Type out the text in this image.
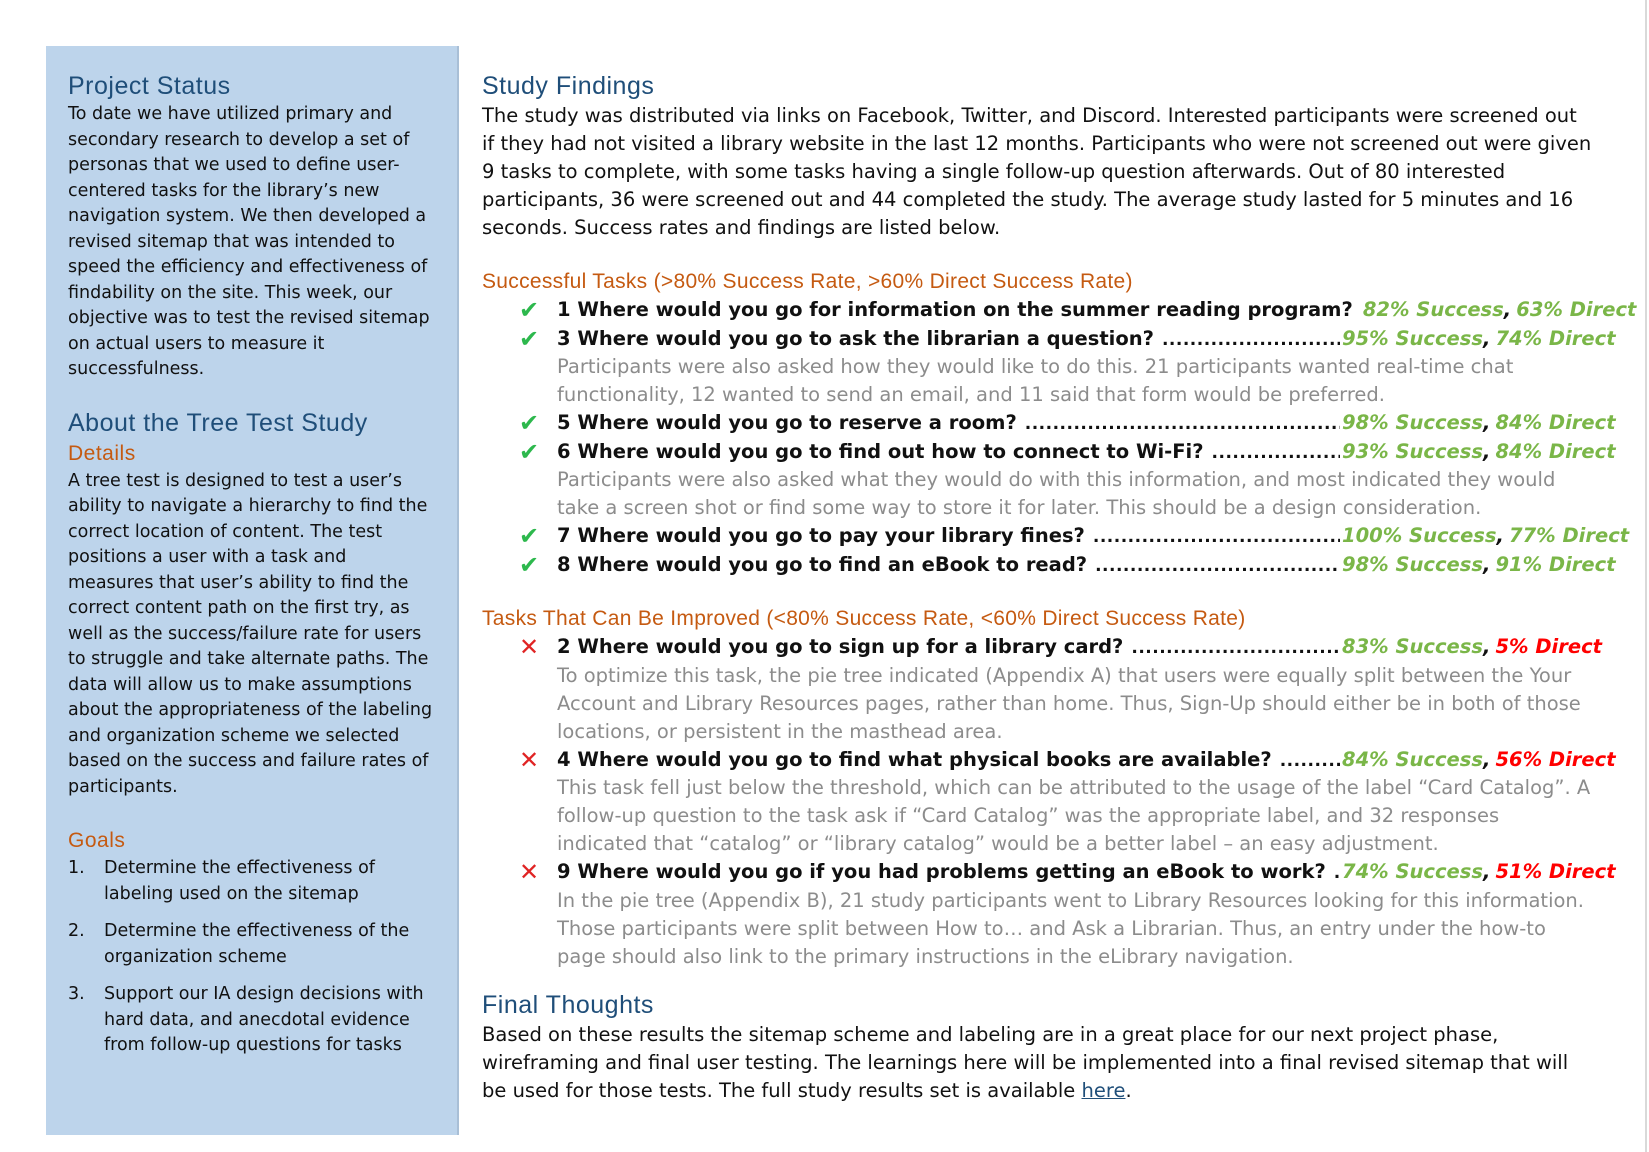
Project Status

To date we have utilized primary and secondary research to develop a set of personas that we used to define user-centered tasks for the library’s new navigation system. We then developed a revised sitemap that was intended to speed the efficiency and effectiveness of findability on the site. This week, our objective was to test the revised sitemap on actual users to measure it successfulness.

About the Tree Test Study
Details

A tree test is designed to test a user’s ability to navigate a hierarchy to find the correct location of content. The test positions a user with a task and measures that user’s ability to find the correct content path on the first try, as well as the success/failure rate for users to struggle and take alternate paths. The data will allow us to make assumptions about the appropriateness of the labeling and organization scheme we selected based on the success and failure rates of participants.

Goals
1.	Determine the effectiveness of labeling used on the sitemap
2.	Determine the effectiveness of the organization scheme
3.	Support our IA design decisions with hard data, and anecdotal evidence from follow-up questions for tasks
Study Findings

The study was distributed via links on Facebook, Twitter, and Discord. Interested participants were screened out if they had not visited a library website in the last 12 months. Participants who were not screened out were given 9 tasks to complete, with some tasks having a single follow-up question afterwards. Out of 80 interested participants, 36 were screened out and 44 completed the study. The average study lasted for 5 minutes and 16 seconds. Success rates and findings are listed below.

Successful Tasks (>80% Success Rate, >60% Direct Success Rate)
✔ 1 Where would you go for information on the summer reading program? 82% Success, 63% Direct
✔ 3 Where would you go to ask the librarian a question? .....	95% Success, 74% Direct

Participants were also asked how they would like to do this. 21 participants wanted real-time chat functionality, 12 wanted to send an email, and 11 said that form would be preferred.

✔ 5 Where would you go to reserve a room? .....	98% Success, 84% Direct
✔ 6 Where would you go to find out how to connect to Wi-Fi? .....	93% Success, 84% Direct

Participants were also asked what they would do with this information, and most indicated they would take a screen shot or find some way to store it for later. This should be a design consideration.

✔ 7 Where would you go to pay your library fines? .....	100% Success, 77% Direct
✔ 8 Where would you go to find an eBook to read? .....	98% Success, 91% Direct
Tasks That Can Be Improved (<80% Success Rate, <60% Direct Success Rate)
✕ 2 Where would you go to sign up for a library card? .....	83% Success, 5% Direct

To optimize this task, the pie tree indicated (Appendix A) that users were equally split between the Your Account and Library Resources pages, rather than home. Thus, Sign-Up should either be in both of those locations, or persistent in the masthead area.

✕ 4 Where would you go to find what physical books are available? .....	84% Success, 56% Direct

This task fell just below the threshold, which can be attributed to the usage of the label “Card Catalog”. A follow-up question to the task ask if “Card Catalog” was the appropriate label, and 32 responses indicated that “catalog” or “library catalog” would be a better label – an easy adjustment.

✕ 9 Where would you go if you had problems getting an eBook to work? ..... 74% Success, 51% Direct

In the pie tree (Appendix B), 21 study participants went to Library Resources looking for this information. Those participants were split between How to… and Ask a Librarian. Thus, an entry under the how-to page should also link to the primary instructions in the eLibrary navigation.

Final Thoughts

Based on these results the sitemap scheme and labeling are in a great place for our next project phase, wireframing and final user testing. The learnings here will be implemented into a final revised sitemap that will be used for those tests. The full study results set is available here.
